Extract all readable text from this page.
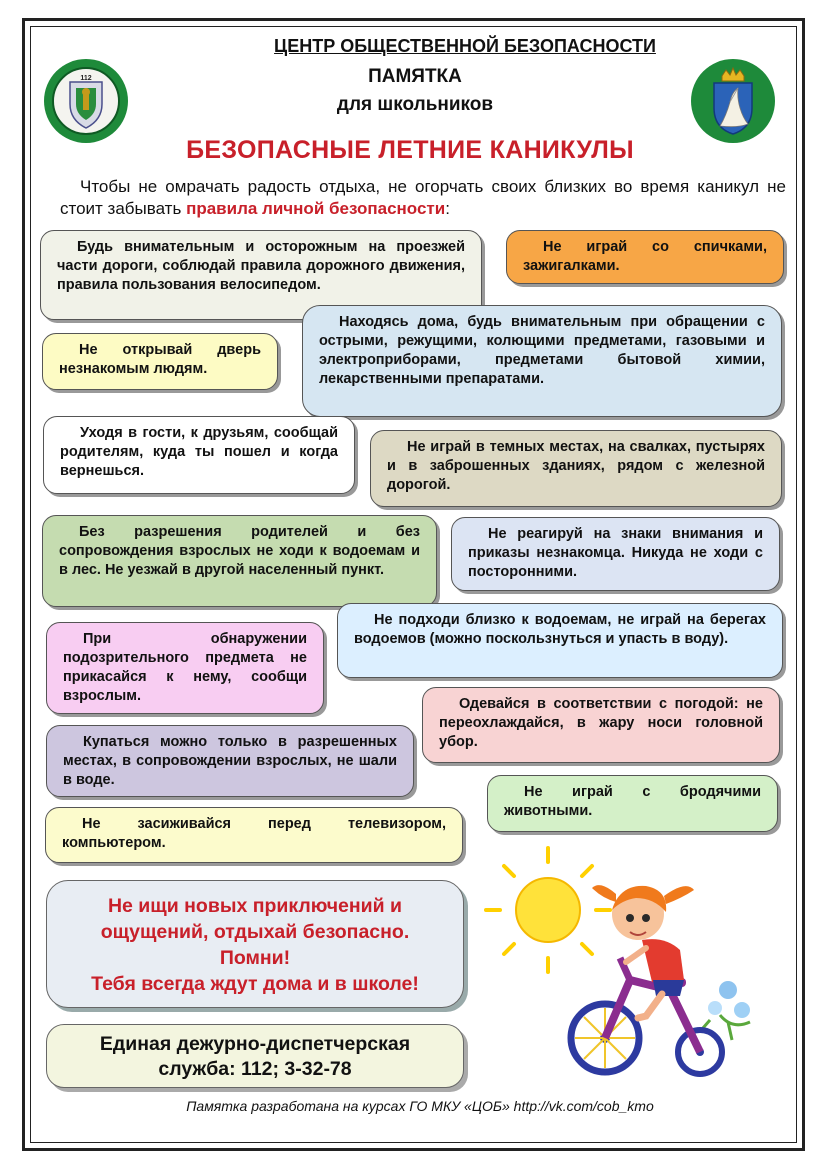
112
ЦЕНТР ОБЩЕСТВЕННОЙ БЕЗОПАСНОСТИ
ПАМЯТКА
для школьников
БЕЗОПАСНЫЕ ЛЕТНИЕ КАНИКУЛЫ
Чтобы не омрачать радость отдыха, не огорчать своих близких во время каникул не стоит забывать правила личной безопасности:

Будь внимательным и осторожным на проезжей части дороги, соблюдай правила дорожного движения, правила пользования велосипедом.

Не играй со спичками, зажигалками.

Находясь дома, будь внимательным при обращении с острыми, режущими, колющими предметами, газовыми и электроприборами, предметами бытовой химии, лекарственными препаратами.

Не открывай дверь незнакомым людям.

Уходя в гости, к друзьям, сообщай родителям, куда ты пошел и когда вернешься.

Не играй в темных местах, на свалках, пустырях и в заброшенных зданиях, рядом с железной дорогой.

Без разрешения родителей и без сопровождения взрослых не ходи к водоемам и в лес. Не уезжай в другой населенный пункт.

Не реагируй на знаки внимания и приказы незнакомца. Никуда не ходи с посторонними.

Не подходи близко к водоемам, не играй на берегах водоемов (можно поскользнуться и упасть в воду).

При обнаружении подозрительного предмета не прикасайся к нему, сообщи взрослым.	Одевайся в соответствии с погодой: не переохлаждайся, в жару носи головной убор.

Купаться можно только в разрешенных местах, в сопровождении взрослых, не шали в воде.

Не играй с бродячими животными.

Не засиживайся перед телевизором, компьютером.

Не ищи новых приключений и
ощущений, отдыхай безопасно.
Помни!
Тебя всегда ждут дома и в школе!
Единая дежурно-диспетчерская
служба: 112; 3-32-78
Памятка разработана на курсах ГО МКУ «ЦОБ» http://vk.com/cob_kmo
